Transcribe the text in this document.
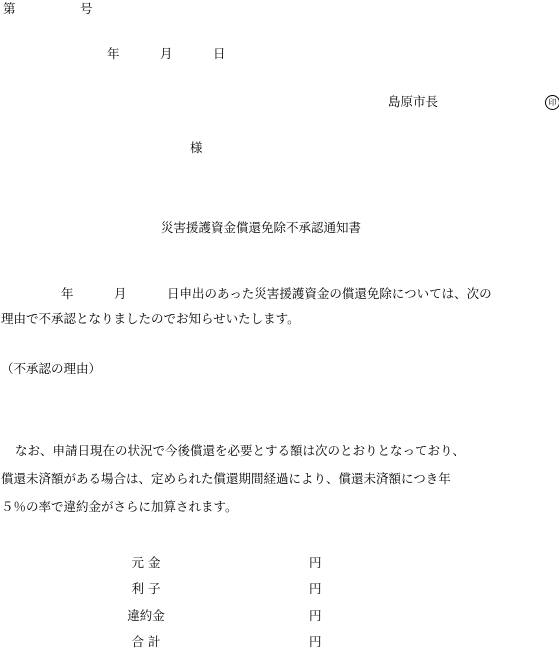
第	号
年	月	日
島原市長	印
様
災害援護資金償還免除不承認通知書
年	月	日申出のあった災害援護資金の償還免除については、次の
理由で不承認となりましたのでお知らせいたします。
（不承認の理由）
なお、申請日現在の状況で今後償還を必要とする額は次のとおりとなっており、
償還未済額がある場合は、定められた償還期間経過により、償還未済額につき年
５％の率で違約金がさらに加算されます。
元 金	円
利 子	円
違約金	円
合 計	円
